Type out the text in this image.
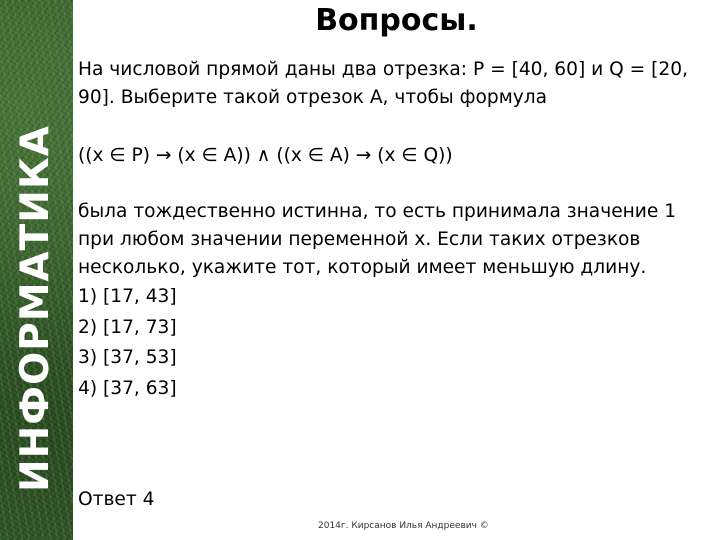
ИНФОРМАТИКА
Вопросы.

На числовой прямой даны два отрезка: P = [40, 60] и Q = [20, 90]. Выберите такой отрезок A, чтобы формула

((x ∈ P) → (x ∈ A)) ∧ ((x ∈ A) → (x ∈ Q))

была тождественно истинна, то есть принимала значение 1 при любом значении переменной x. Если таких отрезков несколько, укажите тот, который имеет меньшую длину.

1) [17, 43]
2) [17, 73]
3) [37, 53]
4) [37, 63]
Ответ 4
2014г. Кирсанов Илья Андреевич ©
